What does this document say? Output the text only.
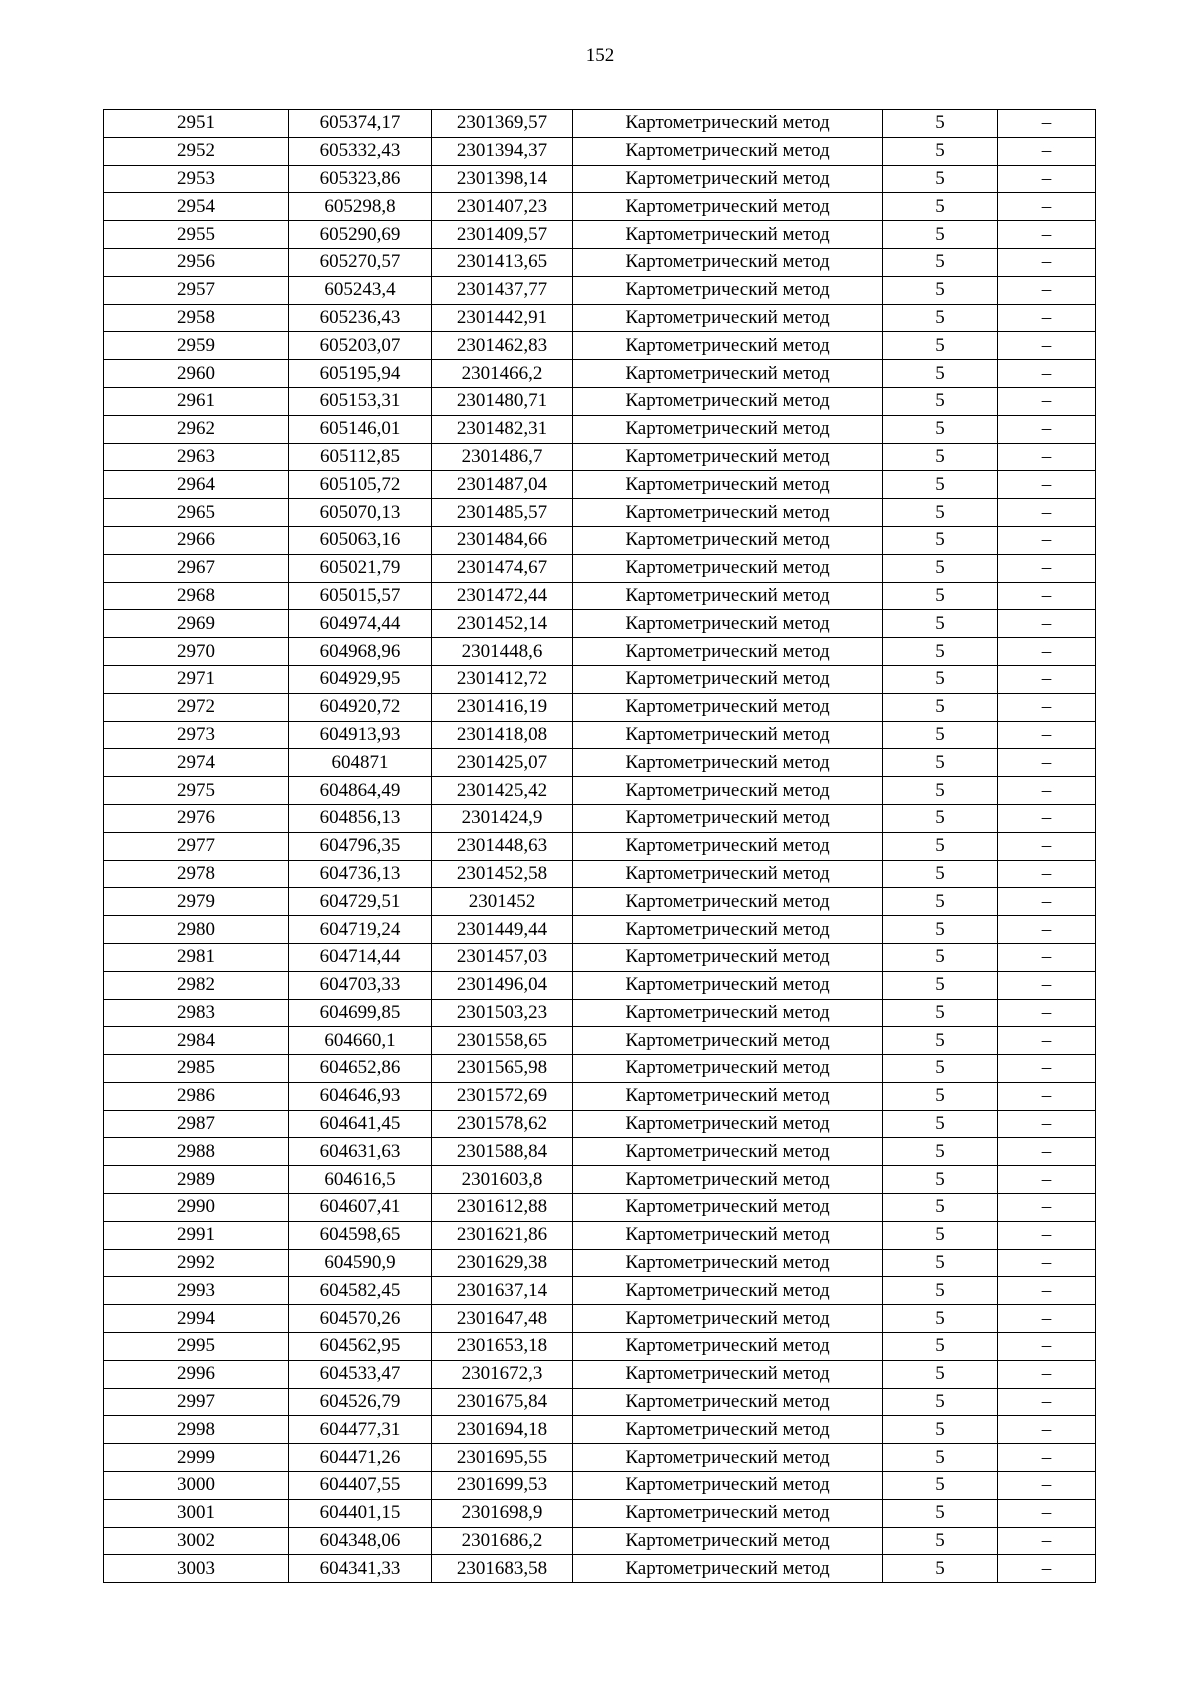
152
2951	605374,17	2301369,57	Картометрический метод	5	–
2952	605332,43	2301394,37	Картометрический метод	5	–
2953	605323,86	2301398,14	Картометрический метод	5	–
2954	605298,8	2301407,23	Картометрический метод	5	–
2955	605290,69	2301409,57	Картометрический метод	5	–
2956	605270,57	2301413,65	Картометрический метод	5	–
2957	605243,4	2301437,77	Картометрический метод	5	–
2958	605236,43	2301442,91	Картометрический метод	5	–
2959	605203,07	2301462,83	Картометрический метод	5	–
2960	605195,94	2301466,2	Картометрический метод	5	–
2961	605153,31	2301480,71	Картометрический метод	5	–
2962	605146,01	2301482,31	Картометрический метод	5	–
2963	605112,85	2301486,7	Картометрический метод	5	–
2964	605105,72	2301487,04	Картометрический метод	5	–
2965	605070,13	2301485,57	Картометрический метод	5	–
2966	605063,16	2301484,66	Картометрический метод	5	–
2967	605021,79	2301474,67	Картометрический метод	5	–
2968	605015,57	2301472,44	Картометрический метод	5	–
2969	604974,44	2301452,14	Картометрический метод	5	–
2970	604968,96	2301448,6	Картометрический метод	5	–
2971	604929,95	2301412,72	Картометрический метод	5	–
2972	604920,72	2301416,19	Картометрический метод	5	–
2973	604913,93	2301418,08	Картометрический метод	5	–
2974	604871	2301425,07	Картометрический метод	5	–
2975	604864,49	2301425,42	Картометрический метод	5	–
2976	604856,13	2301424,9	Картометрический метод	5	–
2977	604796,35	2301448,63	Картометрический метод	5	–
2978	604736,13	2301452,58	Картометрический метод	5	–
2979	604729,51	2301452	Картометрический метод	5	–
2980	604719,24	2301449,44	Картометрический метод	5	–
2981	604714,44	2301457,03	Картометрический метод	5	–
2982	604703,33	2301496,04	Картометрический метод	5	–
2983	604699,85	2301503,23	Картометрический метод	5	–
2984	604660,1	2301558,65	Картометрический метод	5	–
2985	604652,86	2301565,98	Картометрический метод	5	–
2986	604646,93	2301572,69	Картометрический метод	5	–
2987	604641,45	2301578,62	Картометрический метод	5	–
2988	604631,63	2301588,84	Картометрический метод	5	–
2989	604616,5	2301603,8	Картометрический метод	5	–
2990	604607,41	2301612,88	Картометрический метод	5	–
2991	604598,65	2301621,86	Картометрический метод	5	–
2992	604590,9	2301629,38	Картометрический метод	5	–
2993	604582,45	2301637,14	Картометрический метод	5	–
2994	604570,26	2301647,48	Картометрический метод	5	–
2995	604562,95	2301653,18	Картометрический метод	5	–
2996	604533,47	2301672,3	Картометрический метод	5	–
2997	604526,79	2301675,84	Картометрический метод	5	–
2998	604477,31	2301694,18	Картометрический метод	5	–
2999	604471,26	2301695,55	Картометрический метод	5	–
3000	604407,55	2301699,53	Картометрический метод	5	–
3001	604401,15	2301698,9	Картометрический метод	5	–
3002	604348,06	2301686,2	Картометрический метод	5	–
3003	604341,33	2301683,58	Картометрический метод	5	–
